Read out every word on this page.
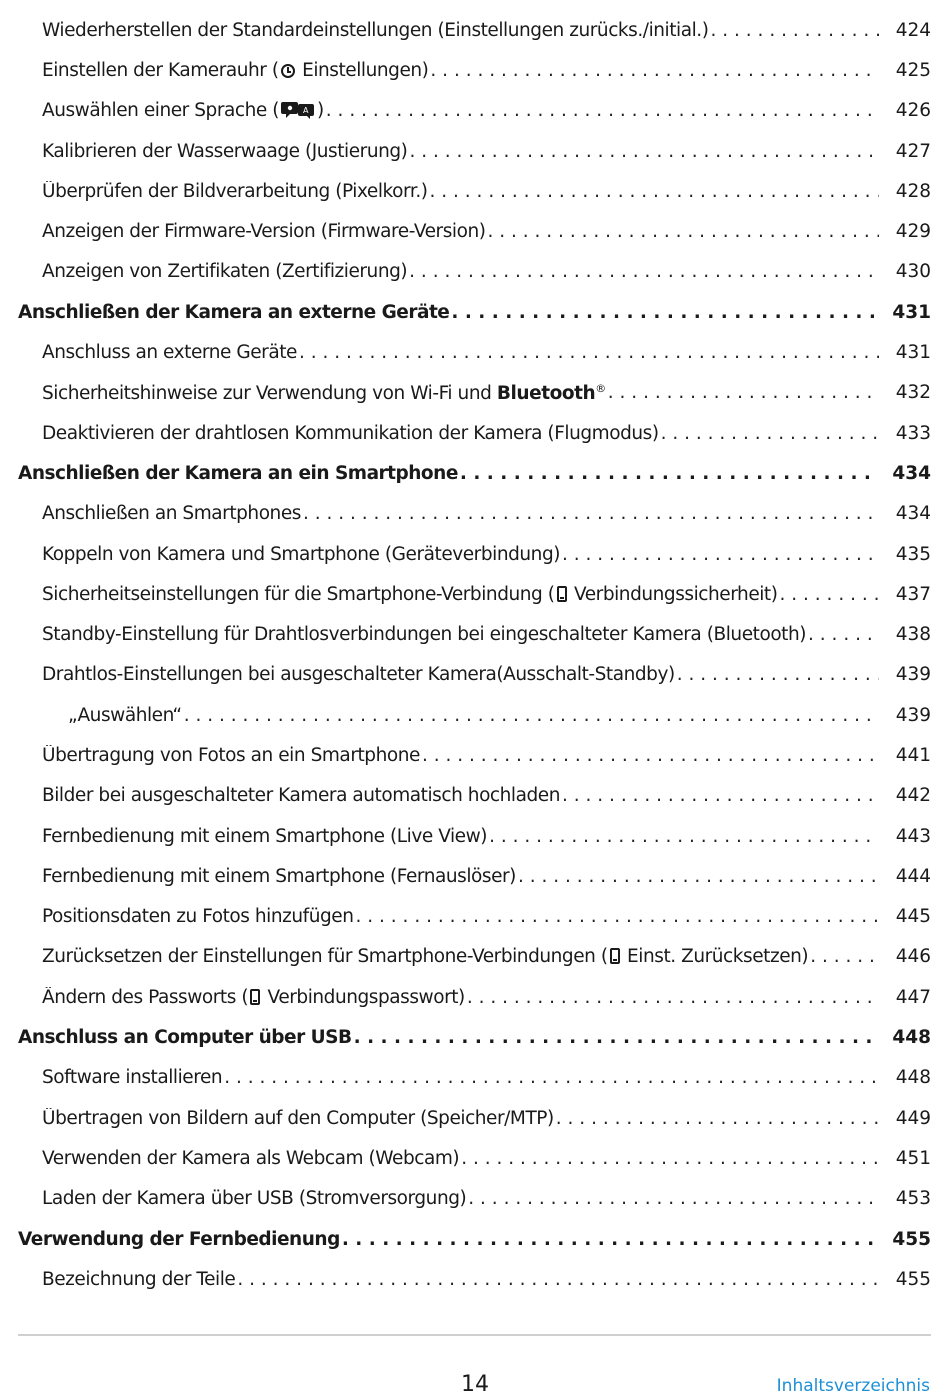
Wiederherstellen der Standardeinstellungen (Einstellungen zurücks./initial.) . . .	424
Einstellen der Kamerauhr ( Einstellungen) . . .	425
Auswählen einer Sprache (	A ) . . .	426
Kalibrieren der Wasserwaage (Justierung) . . .	427
Überprüfen der Bildverarbeitung (Pixelkorr.) . . .	428
Anzeigen der Firmware-Version (Firmware-Version) . . .	429
Anzeigen von Zertifikaten (Zertifizierung) . . .	430
Anschließen der Kamera an externe Geräte . . .	431
Anschluss an externe Geräte . . .	431
Sicherheitshinweise zur Verwendung von Wi-Fi und Bluetooth® . . .	432
Deaktivieren der drahtlosen Kommunikation der Kamera (Flugmodus) . . .	433
Anschließen der Kamera an ein Smartphone . . .	434
Anschließen an Smartphones . . .	434
Koppeln von Kamera und Smartphone (Geräteverbindung) . . .	435
Sicherheitseinstellungen für die Smartphone-Verbindung ( Verbindungssicherheit) . . .	437
Standby-Einstellung für Drahtlosverbindungen bei eingeschalteter Kamera (Bluetooth) . . .	438
Drahtlos-Einstellungen bei ausgeschalteter Kamera(Ausschalt-Standby) . . .	439
„Auswählen“ . . .	439
Übertragung von Fotos an ein Smartphone . . .	441
Bilder bei ausgeschalteter Kamera automatisch hochladen . . .	442
Fernbedienung mit einem Smartphone (Live View) . . .	443
Fernbedienung mit einem Smartphone (Fernauslöser) . . .	444
Positionsdaten zu Fotos hinzufügen . . .	445
Zurücksetzen der Einstellungen für Smartphone-Verbindungen ( Einst. Zurücksetzen) . . .	446
Ändern des Passworts ( Verbindungspasswort) . . .	447
Anschluss an Computer über USB . . .	448
Software installieren . . .	448
Übertragen von Bildern auf den Computer (Speicher/MTP) . . .	449
Verwenden der Kamera als Webcam (Webcam) . . .	451
Laden der Kamera über USB (Stromversorgung) . . .	453
Verwendung der Fernbedienung . . .	455
Bezeichnung der Teile . . .	455
14	Inhaltsverzeichnis
